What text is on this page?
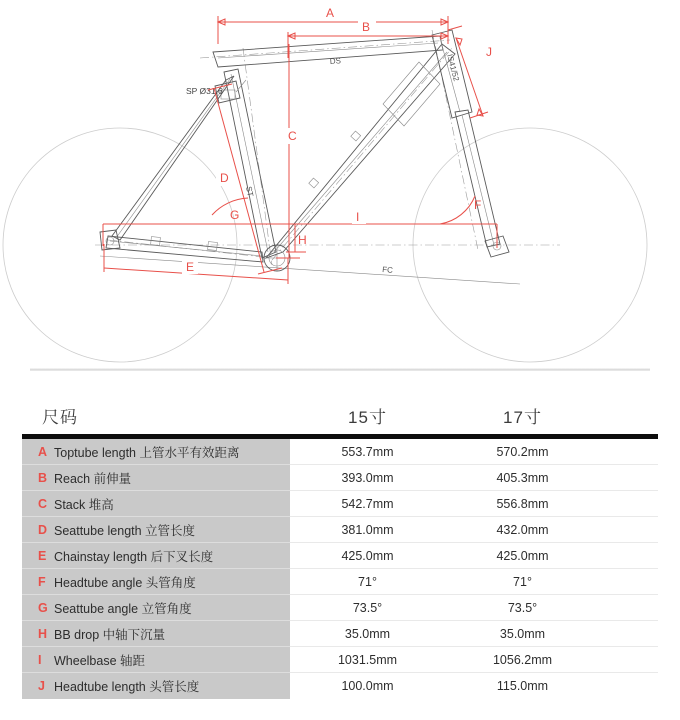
IS41/52
FC
SP Ø31.6
DS
ST
A
B
C
D
E
F
G
H
I
J
尺码	15寸	17寸
A Toptube length 上管水平有效距离	553.7mm	570.2mm
B Reach 前伸量	393.0mm	405.3mm
C Stack 堆高	542.7mm	556.8mm
D Seattube length 立管长度	381.0mm	432.0mm
E Chainstay length 后下叉长度	425.0mm	425.0mm
F Headtube angle 头管角度	71°	71°
G Seattube angle 立管角度	73.5°	73.5°
H BB drop 中轴下沉量	35.0mm	35.0mm
I	Wheelbase 轴距	1031.5mm	1056.2mm
J Headtube length 头管长度	100.0mm	115.0mm
